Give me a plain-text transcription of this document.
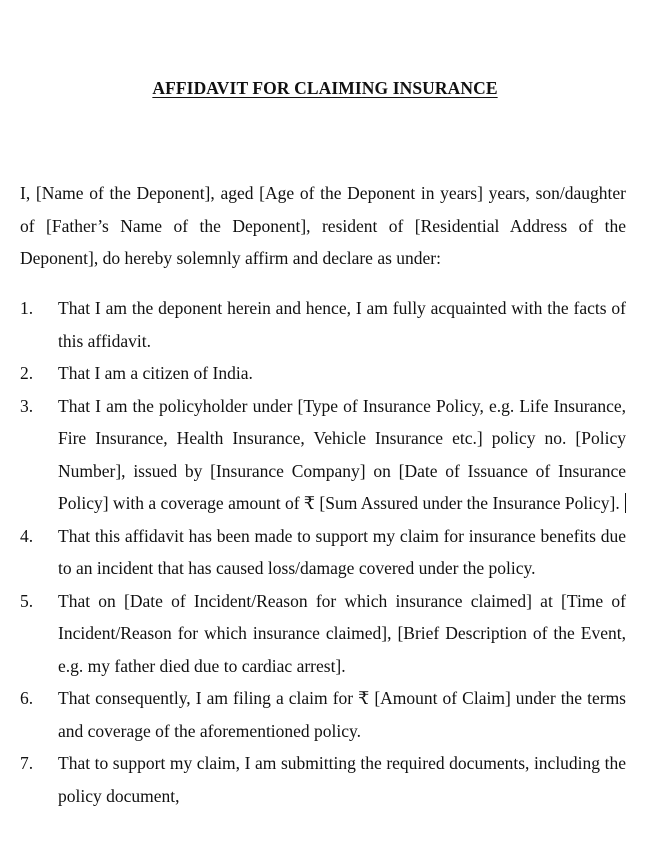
AFFIDAVIT FOR CLAIMING INSURANCE

I, [Name of the Deponent], aged [Age of the Deponent in years] years, son/daughter of [Father’s Name of the Deponent], resident of [Residential Address of the Deponent], do hereby solemnly affirm and declare as under:

1.	That I am the deponent herein and hence, I am fully acquainted with the facts of this affidavit.
2.	That I am a citizen of India.
3.	That I am the policyholder under [Type of Insurance Policy, e.g. Life Insurance, Fire Insurance, Health Insurance, Vehicle Insurance etc.] policy no. [Policy Number], issued by [Insurance Company] on [Date of Issuance of Insurance Policy] with a coverage amount of ₹ [Sum Assured under the Insurance Policy].
4.	That this affidavit has been made to support my claim for insurance benefits due to an incident that has caused loss/damage covered under the policy.
5.	That on [Date of Incident/Reason for which insurance claimed] at [Time of Incident/Reason for which insurance claimed], [Brief Description of the Event, e.g. my father died due to cardiac arrest].
6.	That consequently, I am filing a claim for ₹ [Amount of Claim] under the terms and coverage of the aforementioned policy.
7.	That to support my claim, I am submitting the required documents, including the policy document,
